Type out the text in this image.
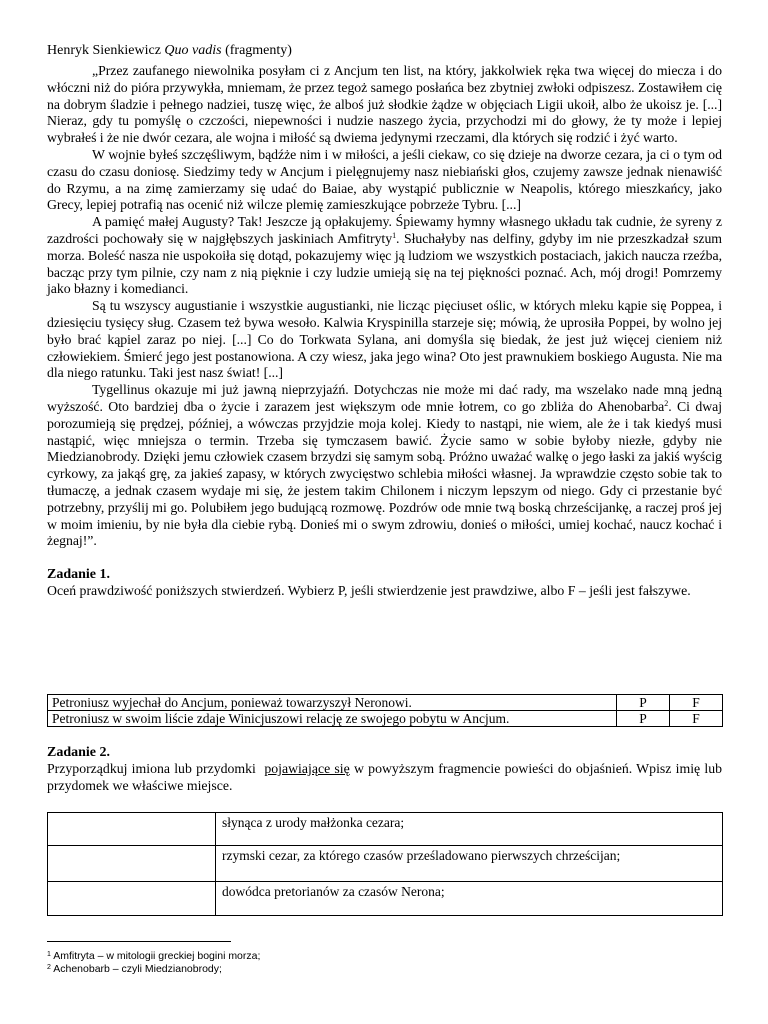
Henryk Sienkiewicz Quo vadis (fragmenty)

„Przez zaufanego niewolnika posyłam ci z Ancjum ten list, na który, jakkolwiek ręka twa więcej do miecza i do włóczni niż do pióra przywykła, mniemam, że przez tegoż samego posłańca bez zbytniej zwłoki odpiszesz. Zostawiłem cię na dobrym śladzie i pełnego nadziei, tuszę więc, że alboś już słodkie żądze w objęciach Ligii ukoił, albo że ukoisz je. [...] Nieraz, gdy tu pomyślę o czczości, niepewności i nudzie naszego życia, przychodzi mi do głowy, że ty może i lepiej wybrałeś i że nie dwór cezara, ale wojna i miłość są dwiema jedynymi rzeczami, dla których się rodzić i żyć warto.

W wojnie byłeś szczęśliwym, bądźże nim i w miłości, a jeśli ciekaw, co się dzieje na dworze cezara, ja ci o tym od czasu do czasu doniosę. Siedzimy tedy w Ancjum i pielęgnujemy nasz niebiański głos, czujemy zawsze jednak nienawiść do Rzymu, a na zimę zamierzamy się udać do Baiae, aby wystąpić publicznie w Neapolis, którego mieszkańcy, jako Grecy, lepiej potrafią nas ocenić niż wilcze plemię zamieszkujące pobrzeże Tybru. [...]

A pamięć małej Augusty? Tak! Jeszcze ją opłakujemy. Śpiewamy hymny własnego układu tak cudnie, że syreny z zazdrości pochowały się w najgłębszych jaskiniach Amfitryty$^1$. Słuchałyby nas delfiny, gdyby im nie przeszkadzał szum morza. Boleść nasza nie uspokoiła się dotąd, pokazujemy więc ją ludziom we wszystkich postaciach, jakich naucza rzeźba, bacząc przy tym pilnie, czy nam z nią pięknie i czy ludzie umieją się na tej piękności poznać. Ach, mój drogi! Pomrzemy jako błazny i komedianci.

Są tu wszyscy augustianie i wszystkie augustianki, nie licząc pięciuset oślic, w których mleku kąpie się Poppea, i dziesięciu tysięcy sług. Czasem też bywa wesoło. Kalwia Kryspinilla starzeje się; mówią, że uprosiła Poppei, by wolno jej było brać kąpiel zaraz po niej. [...] Co do Torkwata Sylana, ani domyśla się biedak, że jest już więcej cieniem niż człowiekiem. Śmierć jego jest postanowiona. A czy wiesz, jaka jego wina? Oto jest prawnukiem boskiego Augusta. Nie ma dla niego ratunku. Taki jest nasz świat! [...]

Tygellinus okazuje mi już jawną nieprzyjaźń. Dotychczas nie może mi dać rady, ma wszelako nade mną jedną wyższość. Oto bardziej dba o życie i zarazem jest większym ode mnie łotrem, co go zbliża do Ahenobarba$^2$. Ci dwaj porozumieją się prędzej, później, a wówczas przyjdzie moja kolej. Kiedy to nastąpi, nie wiem, ale że i tak kiedyś musi nastąpić, więc mniejsza o termin. Trzeba się tymczasem bawić. Życie samo w sobie byłoby niezłe, gdyby nie Miedzianobrody. Dzięki jemu człowiek czasem brzydzi się samym sobą. Próżno uważać walkę o jego łaski za jakiś wyścig cyrkowy, za jakąś grę, za jakieś zapasy, w których zwycięstwo schlebia miłości własnej. Ja wprawdzie często sobie tak to tłumaczę, a jednak czasem wydaje mi się, że jestem takim Chilonem i niczym lepszym od niego. Gdy ci przestanie być potrzebny, przyślij mi go. Polubiłem jego budującą rozmowę. Pozdrów ode mnie twą boską chrześcijankę, a raczej proś jej w moim imieniu, by nie była dla ciebie rybą. Donieś mi o swym zdrowiu, donieś o miłości, umiej kochać, naucz kochać i żegnaj!”.

Zadanie 1.

Oceń prawdziwość poniższych stwierdzeń. Wybierz P, jeśli stwierdzenie jest prawdziwe, albo F – jeśli jest fałszywe.

Petroniusz wyjechał do Ancjum, ponieważ towarzyszył Neronowi.	P	F
Petroniusz w swoim liście zdaje Winicjuszowi relację ze swojego pobytu w Ancjum.	P	F

Zadanie 2.

Przyporządkuj imiona lub przydomki pojawiające się w powyższym fragmencie powieści do objaśnień. Wpisz imię lub przydomek we właściwe miejsce.

	słynąca z urody małżonka cezara;
	rzymski cezar, za którego czasów prześladowano pierwszych chrześcijan;
	dowódca pretorianów za czasów Nerona;
$^1$ Amfitryta – w mitologii greckiej bogini morza;
$^2$ Achenobarb – czyli Miedzianobrody;
